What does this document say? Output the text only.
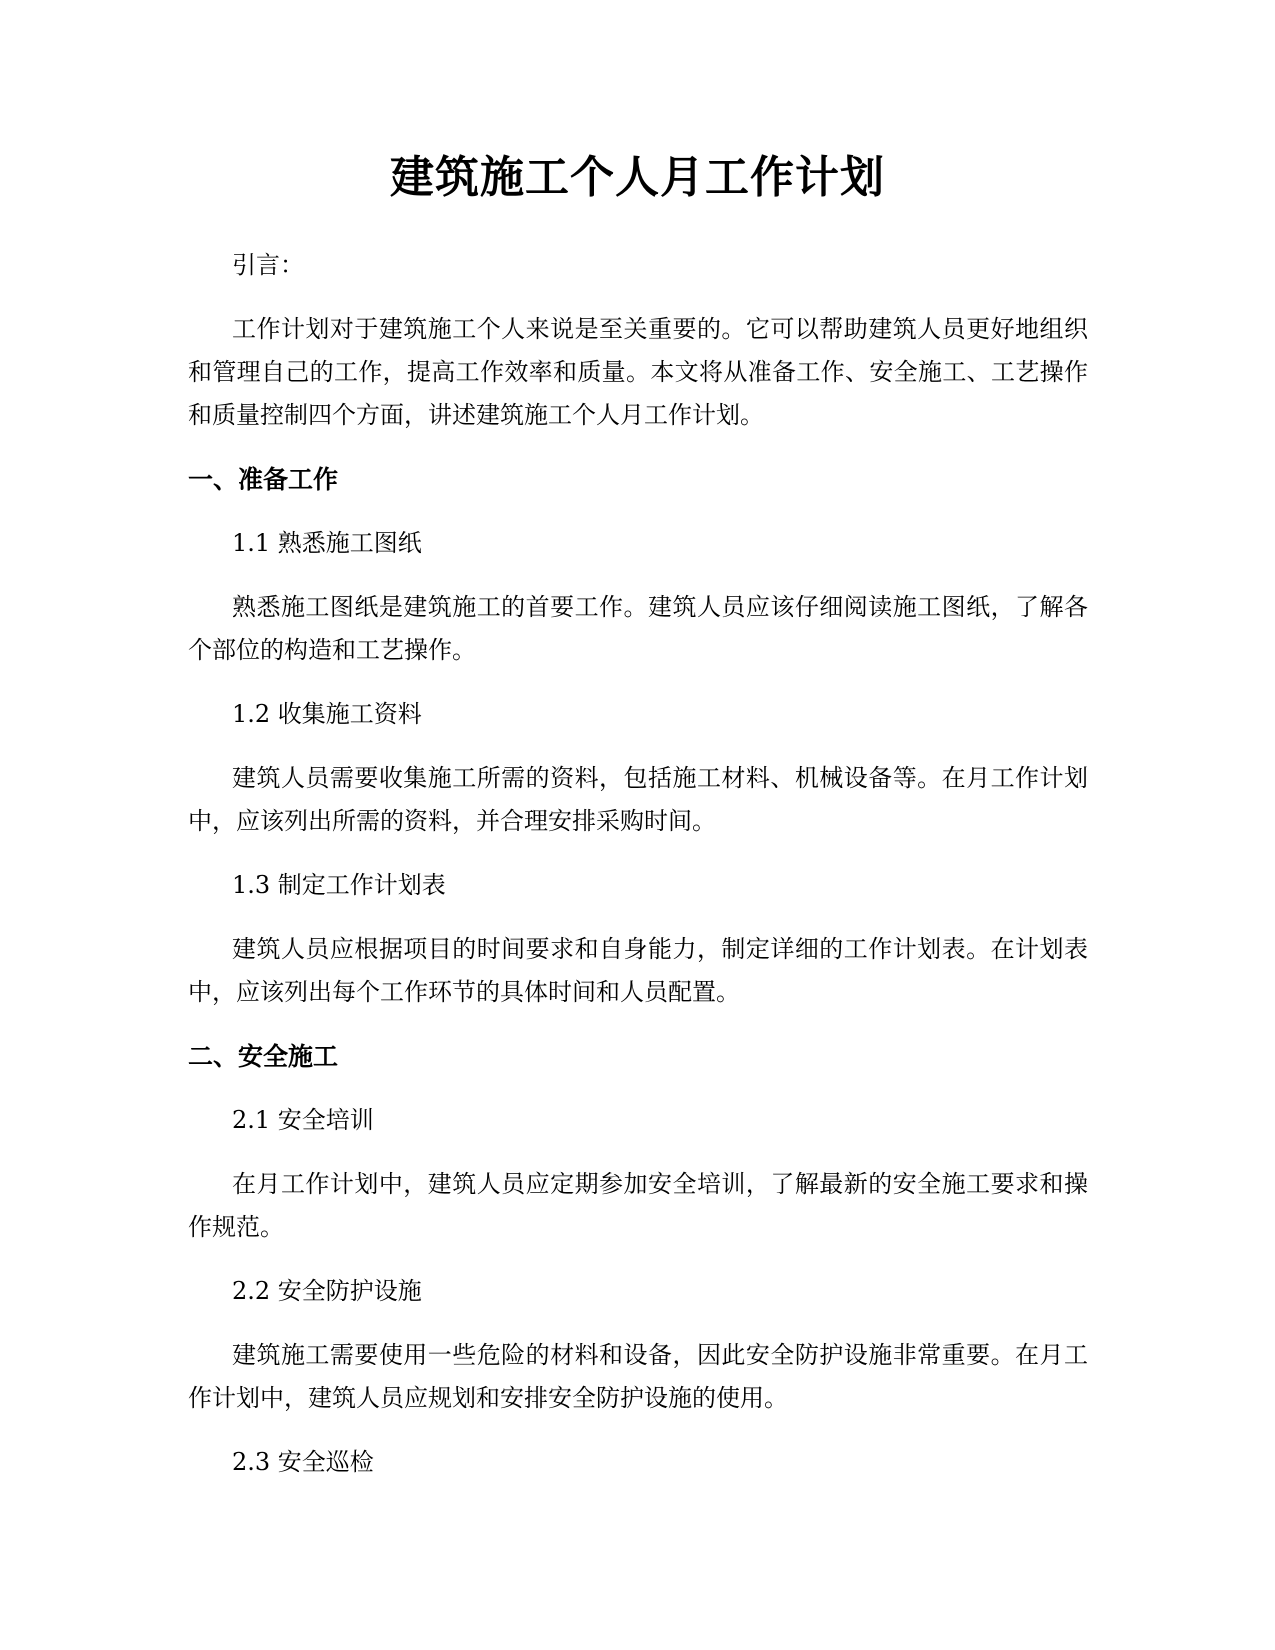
建筑施工个人月工作计划

引言：

工作计划对于建筑施工个人来说是至关重要的。它可以帮助建筑人员更好地组织和管理自己的工作，提高工作效率和质量。本文将从准备工作、安全施工、工艺操作和质量控制四个方面，讲述建筑施工个人月工作计划。

一、准备工作

1.1 熟悉施工图纸

熟悉施工图纸是建筑施工的首要工作。建筑人员应该仔细阅读施工图纸，了解各个部位的构造和工艺操作。

1.2 收集施工资料

建筑人员需要收集施工所需的资料，包括施工材料、机械设备等。在月工作计划中，应该列出所需的资料，并合理安排采购时间。

1.3 制定工作计划表

建筑人员应根据项目的时间要求和自身能力，制定详细的工作计划表。在计划表中，应该列出每个工作环节的具体时间和人员配置。

二、安全施工

2.1 安全培训

在月工作计划中，建筑人员应定期参加安全培训，了解最新的安全施工要求和操作规范。

2.2 安全防护设施

建筑施工需要使用一些危险的材料和设备，因此安全防护设施非常重要。在月工作计划中，建筑人员应规划和安排安全防护设施的使用。

2.3 安全巡检
